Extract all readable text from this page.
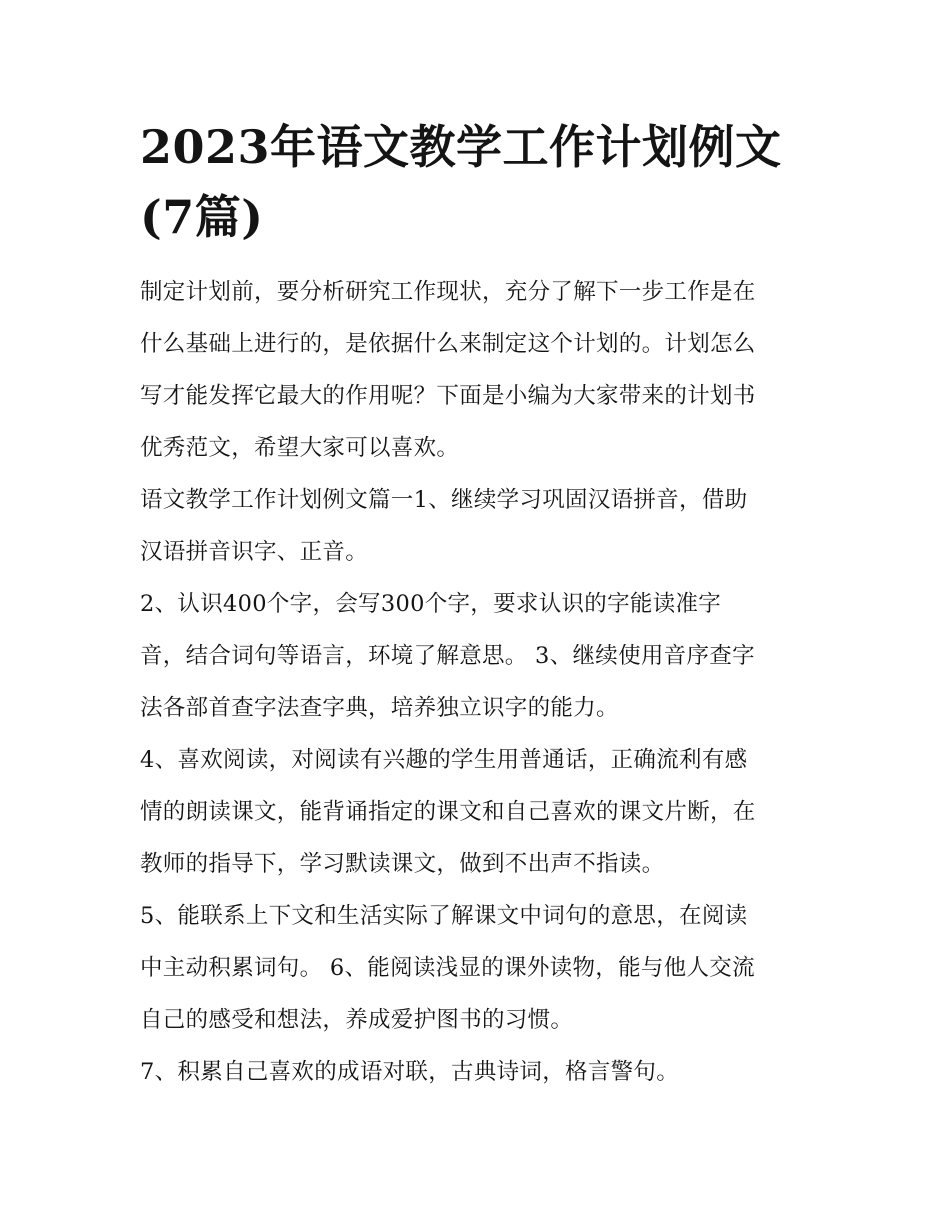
2023年语文教学工作计划例文
(7篇)
制定计划前，要分析研究工作现状，充分了解下一步工作是在
什么基础上进行的，是依据什么来制定这个计划的。计划怎么
写才能发挥它最大的作用呢？下面是小编为大家带来的计划书
优秀范文，希望大家可以喜欢。
语文教学工作计划例文篇一1、继续学习巩固汉语拼音，借助
汉语拼音识字、正音。
2、认识400个字，会写300个字，要求认识的字能读准字
音，结合词句等语言，环境了解意思。 3、继续使用音序查字
法各部首查字法查字典，培养独立识字的能力。
4、喜欢阅读，对阅读有兴趣的学生用普通话，正确流利有感
情的朗读课文，能背诵指定的课文和自己喜欢的课文片断，在
教师的指导下，学习默读课文，做到不出声不指读。
5、能联系上下文和生活实际了解课文中词句的意思，在阅读
中主动积累词句。 6、能阅读浅显的课外读物，能与他人交流
自己的感受和想法，养成爱护图书的习惯。
7、积累自己喜欢的成语对联，古典诗词，格言警句。
